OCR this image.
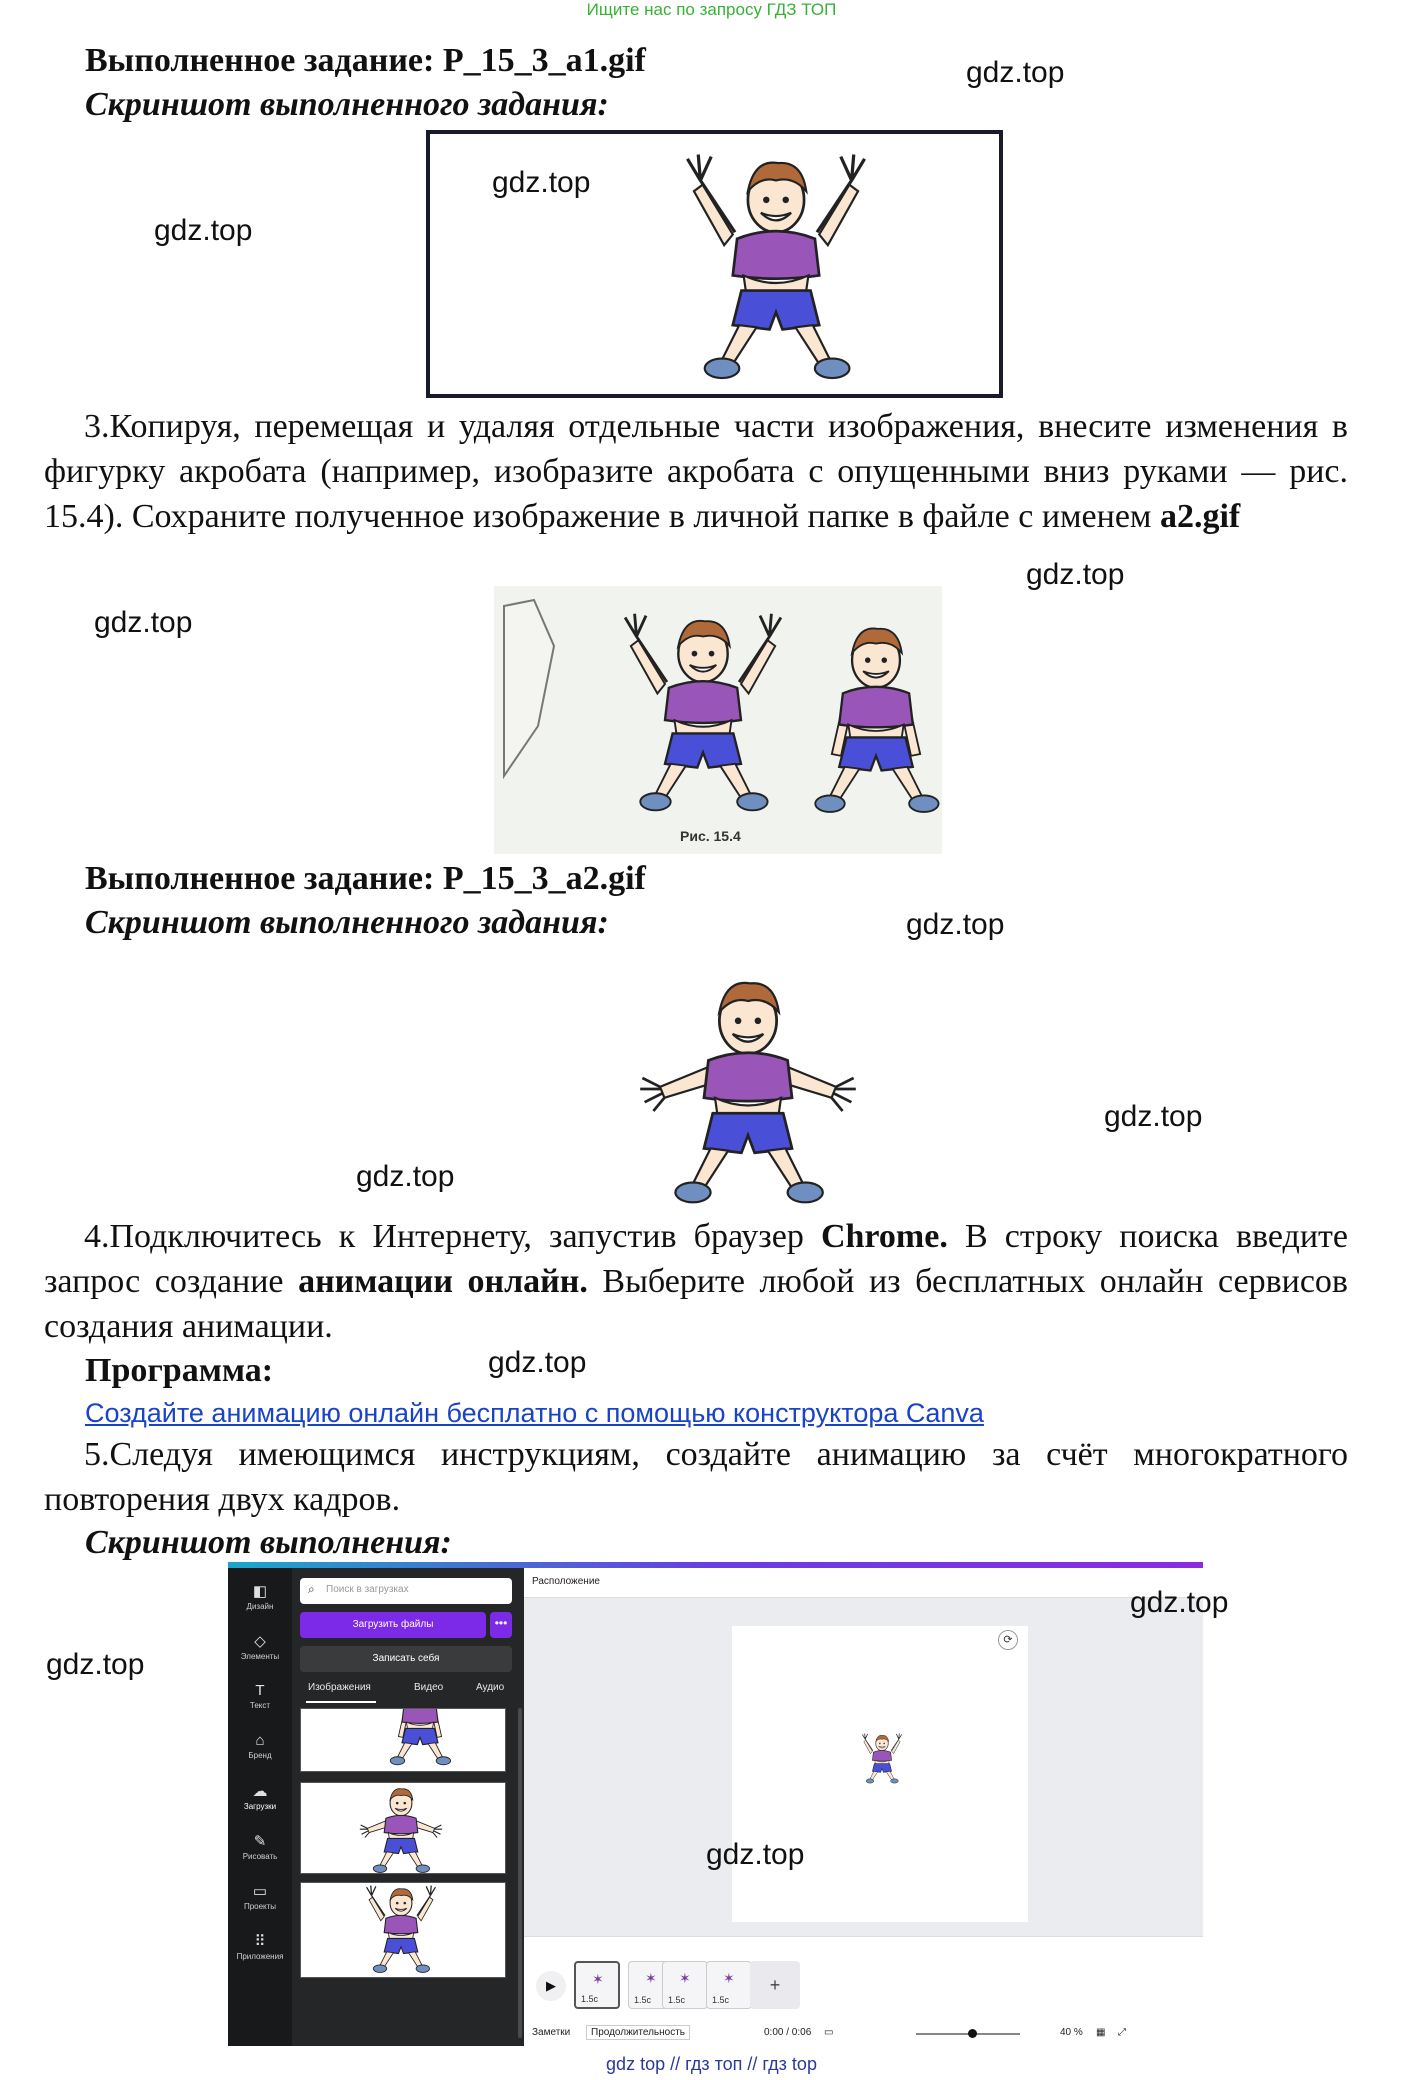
Ищите нас по запросу ГДЗ ТОП
Выполненное задание: P_15_3_a1.gif
Скриншот выполненного задания:
gdz.top
gdz.top
gdz.top
3.Копируя, перемещая и удаляя отдельные части изображения, внесите изменения в фигурку акробата (например, изобразите акробата с опущенными вниз руками — рис. 15.4). Сохраните полученное изображение в личной папке в файле с именем a2.gif
gdz.top
gdz.top
Рис. 15.4
Выполненное задание: P_15_3_a2.gif
Скриншот выполненного задания:	gdz.top
gdz.top
gdz.top
4.Подключитесь к Интернету, запустив браузер Chrome. В строку поиска введите запрос создание анимации онлайн. Выберите любой из бесплатных онлайн сервисов создания анимации.
Программа:	gdz.top
Создайте анимацию онлайн бесплатно с помощью конструктора Canva
5.Следуя имеющимся инструкциям, создайте анимацию за счёт многократного повторения двух кадров.
Скриншот выполнения:
◧
Дизайн
◇
Элементы
T
Текст
⌂
Бренд
☁
Загрузки
✎
Рисовать
▭
Проекты
⠿
Приложения
⌕ Поиск в загрузках
Загрузить файлы	•••
Записать себя
Изображения	Видео	Аудио
Расположение
⟳
▶	✶
1.5с
✶
1.5с
✶
1.5с
✶
1.5с
+
Заметки	Продолжительность	0:00 / 0:06 ▭	40 % ▦ ⤢
gdz.top
gdz.top
gdz.top
gdz top // гдз топ // гдз top
